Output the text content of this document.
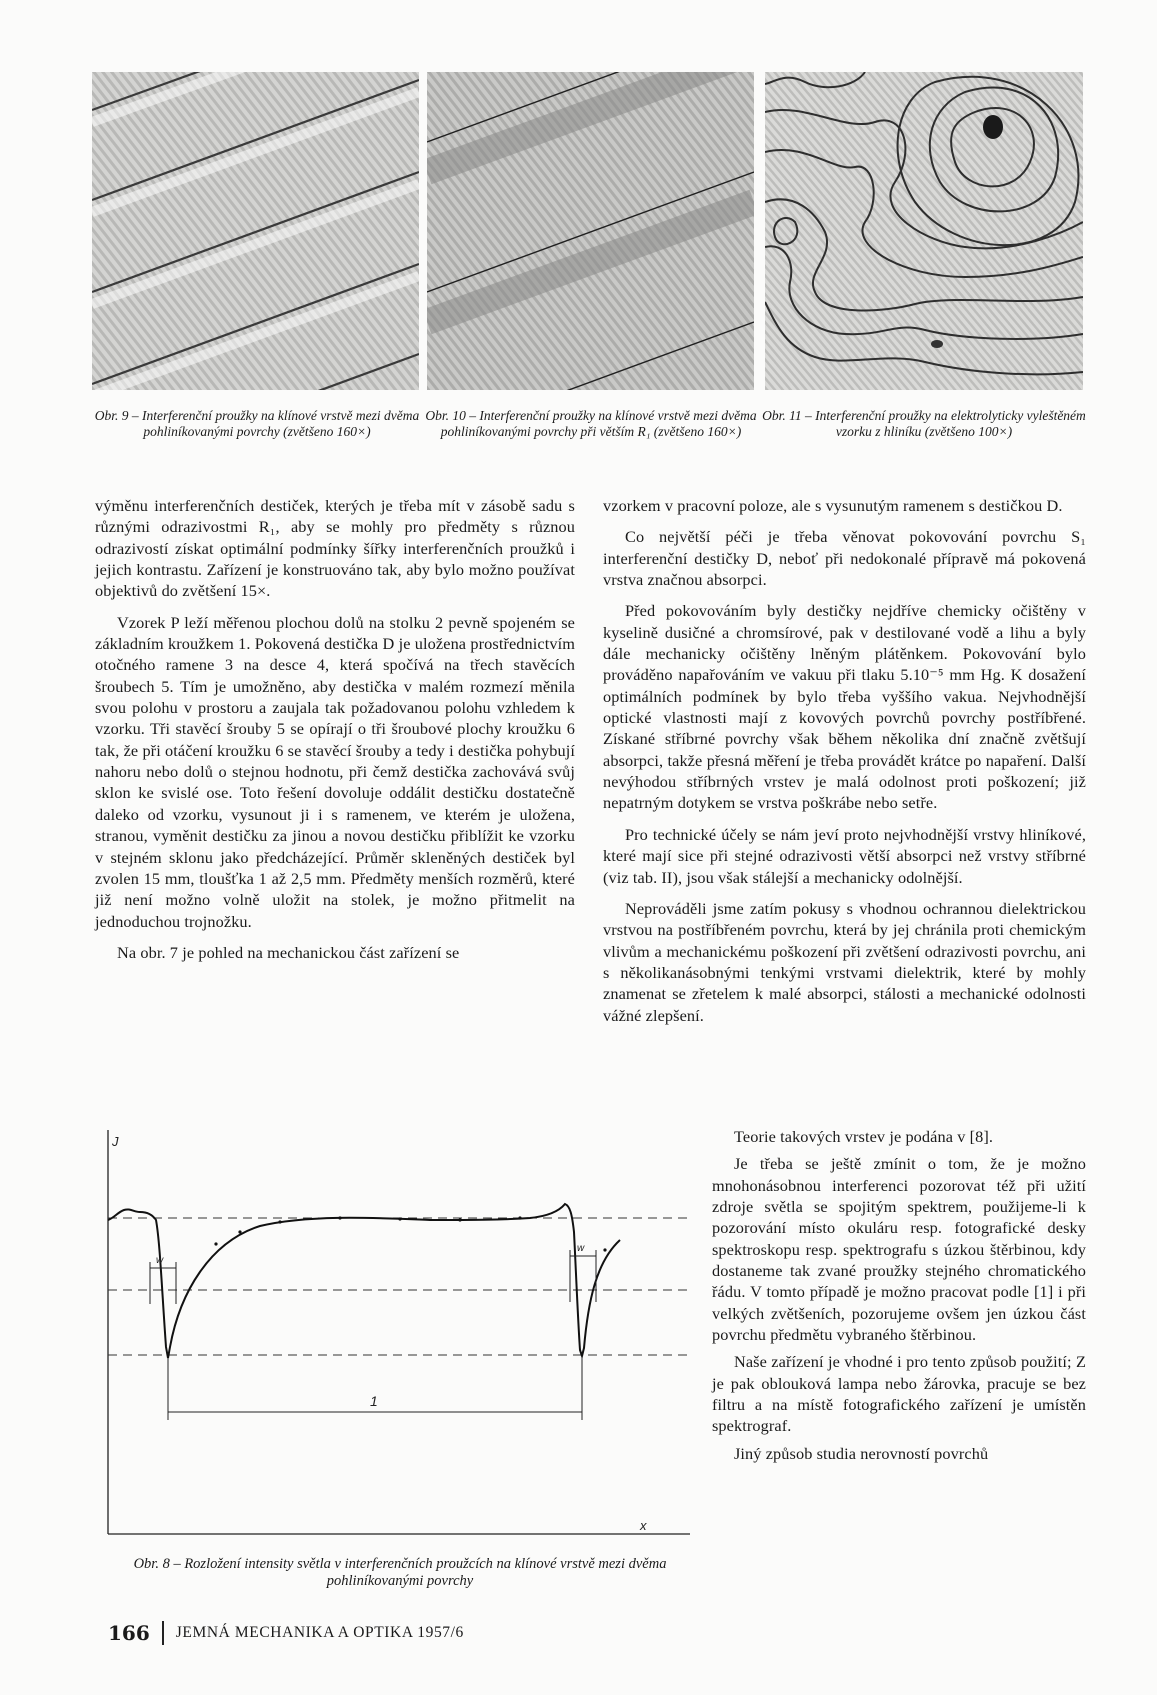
Obr. 9 – Interferenční proužky na klínové vrstvě mezi dvěma pohliníkovanými povrchy (zvětšeno 160×)

Obr. 10 – Interferenční proužky na klínové vrstvě mezi dvěma pohliníkovanými povrchy při větším R₁ (zvětšeno 160×)

Obr. 11 – Interferenční proužky na elektrolyticky vyleštěném vzorku z hliníku (zvětšeno 100×)

výměnu interferenčních destiček, kterých je třeba mít v zásobě sadu s různými odrazivostmi R₁, aby se mohly pro předměty s různou odrazivostí získat optimální podmínky šířky interferenčních proužků i jejich kontrastu. Zařízení je konstruováno tak, aby bylo možno používat objektivů do zvětšení 15×.

Vzorek P leží měřenou plochou dolů na stolku 2 pevně spojeném se základním kroužkem 1. Pokovená destička D je uložena prostřednictvím otočného ramene 3 na desce 4, která spočívá na třech stavěcích šroubech 5. Tím je umožněno, aby destička v malém rozmezí měnila svou polohu v prostoru a zaujala tak požadovanou polohu vzhledem k vzorku. Tři stavěcí šrouby 5 se opírají o tři šroubové plochy kroužku 6 tak, že při otáčení kroužku 6 se stavěcí šrouby a tedy i destička pohybují nahoru nebo dolů o stejnou hodnotu, při čemž destička zachovává svůj sklon ke svislé ose. Toto řešení dovoluje oddálit destičku dostatečně daleko od vzorku, vysunout ji i s ramenem, ve kterém je uložena, stranou, vyměnit destičku za jinou a novou destičku přiblížit ke vzorku v stejném sklonu jako předcházející. Průměr skleněných destiček byl zvolen 15 mm, tloušťka 1 až 2,5 mm. Předměty menších rozměrů, které již není možno volně uložit na stolek, je možno přitmelit na jednoduchou trojnožku.

Na obr. 7 je pohled na mechanickou část zařízení se

vzorkem v pracovní poloze, ale s vysunutým ramenem s destičkou D.

Co největší péči je třeba věnovat pokovování povrchu S₁ interferenční destičky D, neboť při nedokonalé přípravě má pokovená vrstva značnou absorpci.

Před pokovováním byly destičky nejdříve chemicky očištěny v kyselině dusičné a chromsírové, pak v destilované vodě a lihu a byly dále mechanicky očištěny lněným plátěnkem. Pokovování bylo prováděno napařováním ve vakuu při tlaku 5.10⁻⁵ mm Hg. K dosažení optimálních podmínek by bylo třeba vyššího vakua. Nejvhodnější optické vlastnosti mají z kovových povrchů povrchy postříbřené. Získané stříbrné povrchy však během několika dní značně zvětšují absorpci, takže přesná měření je třeba provádět krátce po napaření. Další nevýhodou stříbrných vrstev je malá odolnost proti poškození; již nepatrným dotykem se vrstva poškrábe nebo setře.

Pro technické účely se nám jeví proto nejvhodnější vrstvy hliníkové, které mají sice při stejné odrazivosti větší absorpci než vrstvy stříbrné (viz tab. II), jsou však stálejší a mechanicky odolnější.

Neprováděli jsme zatím pokusy s vhodnou ochrannou dielektrickou vrstvou na postříbřeném povrchu, která by jej chránila proti chemickým vlivům a mechanickému poškození při zvětšení odrazivosti povrchu, ani s několikanásobnými tenkými vrstvami dielektrik, které by mohly znamenat se zřetelem k malé absorpci, stálosti a mechanické odolnosti vážné zlepšení.

Teorie takových vrstev je podána v [8].

Je třeba se ještě zmínit o tom, že je možno mnohonásobnou interferenci pozorovat též při užití zdroje světla se spojitým spektrem, použijeme-li k pozorování místo okuláru resp. fotografické desky spektroskopu resp. spektrografu s úzkou štěrbinou, kdy dostaneme tak zvané proužky stejného chromatického řádu. V tomto případě je možno pracovat podle [1] i při velkých zvětšeních, pozorujeme ovšem jen úzkou část povrchu předmětu vybraného štěrbinou.

Naše zařízení je vhodné i pro tento způsob použití; Z je pak oblouková lampa nebo žárovka, pracuje se bez filtru a na místě fotografického zařízení je umístěn spektrograf.

Jiný způsob studia nerovností povrchů

J
x
w
w
1

Obr. 8 – Rozložení intensity světla v interferenčních proužcích na klínové vrstvě mezi dvěma pohliníkovanými povrchy

166 JEMNÁ MECHANIKA A OPTIKA 1957/6
